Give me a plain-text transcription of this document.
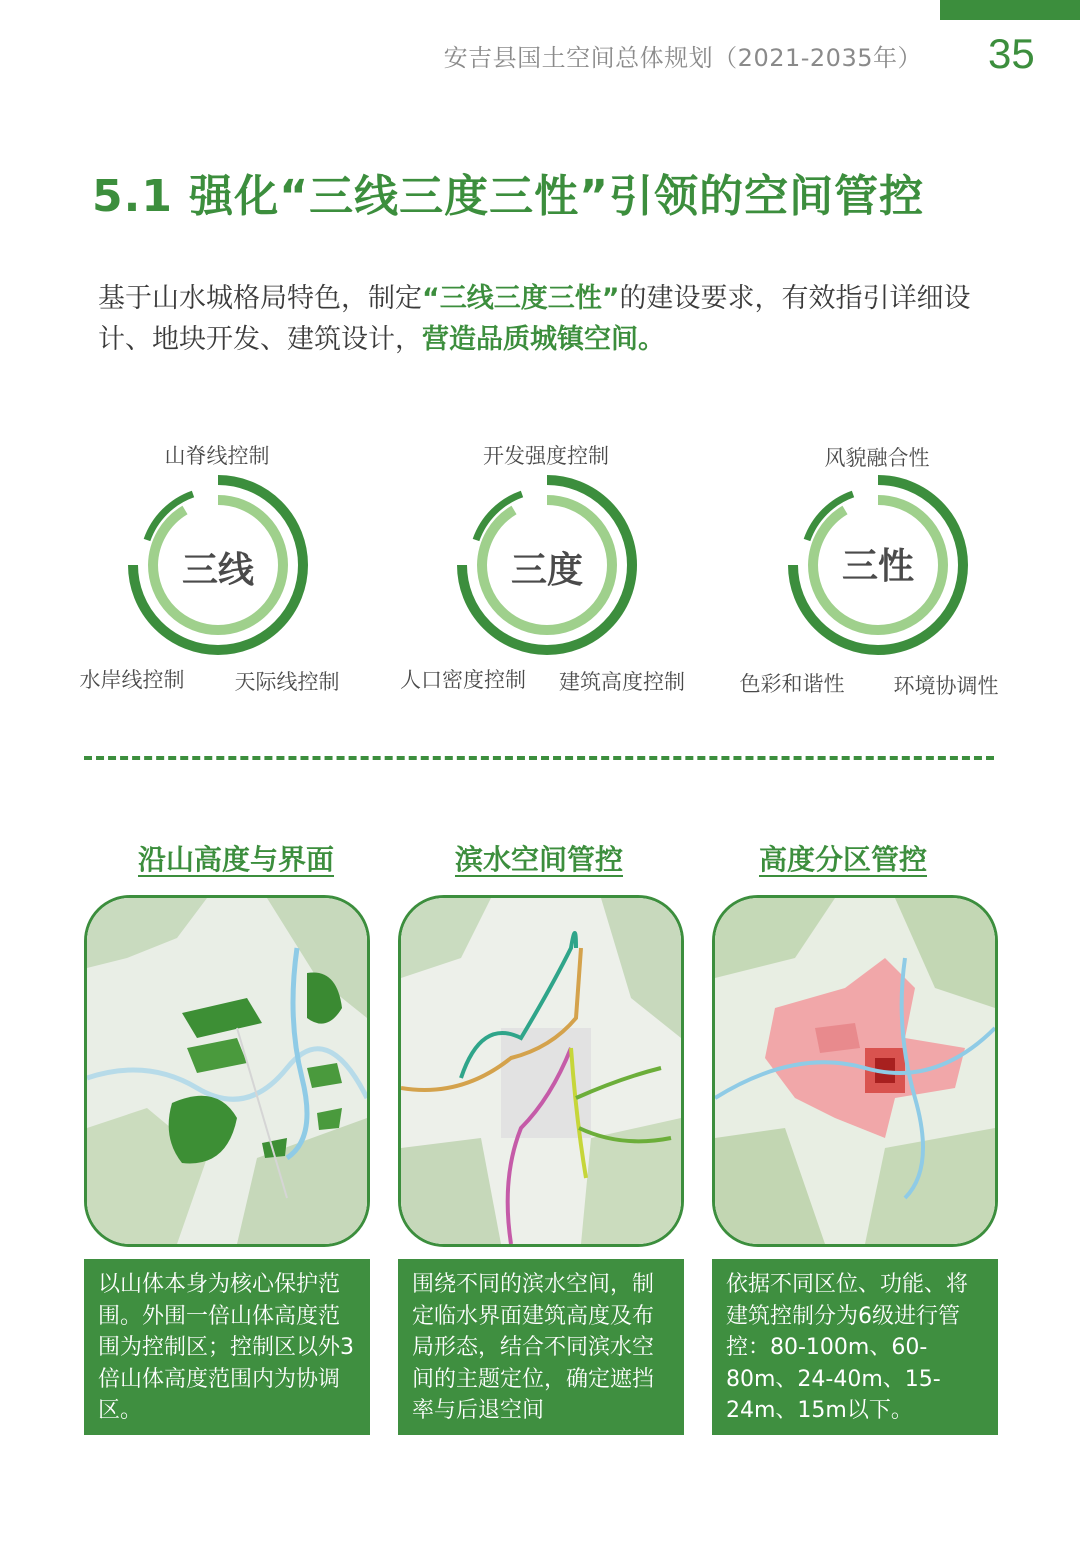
安吉县国土空间总体规划（2021-2035年） 35
5.1 强化“三线三度三性”引领的空间管控
基于山水城格局特色，制定“三线三度三性”的建设要求，有效指引详细设计、地块开发、建筑设计，营造品质城镇空间。
山脊线控制
三线
水岸线控制 天际线控制
开发强度控制
三度
人口密度控制 建筑高度控制
风貌融合性
三性
色彩和谐性 环境协调性
沿山高度与界面	滨水空间管控	高度分区管控
以山体本身为核心保护范围。外围一倍山体高度范围为控制区；控制区以外3倍山体高度范围内为协调区。
围绕不同的滨水空间，制定临水界面建筑高度及布局形态，结合不同滨水空间的主题定位，确定遮挡率与后退空间
依据不同区位、功能、将建筑控制分为6级进行管控：80-100m、60-80m、24-40m、15-24m、15m以下。
